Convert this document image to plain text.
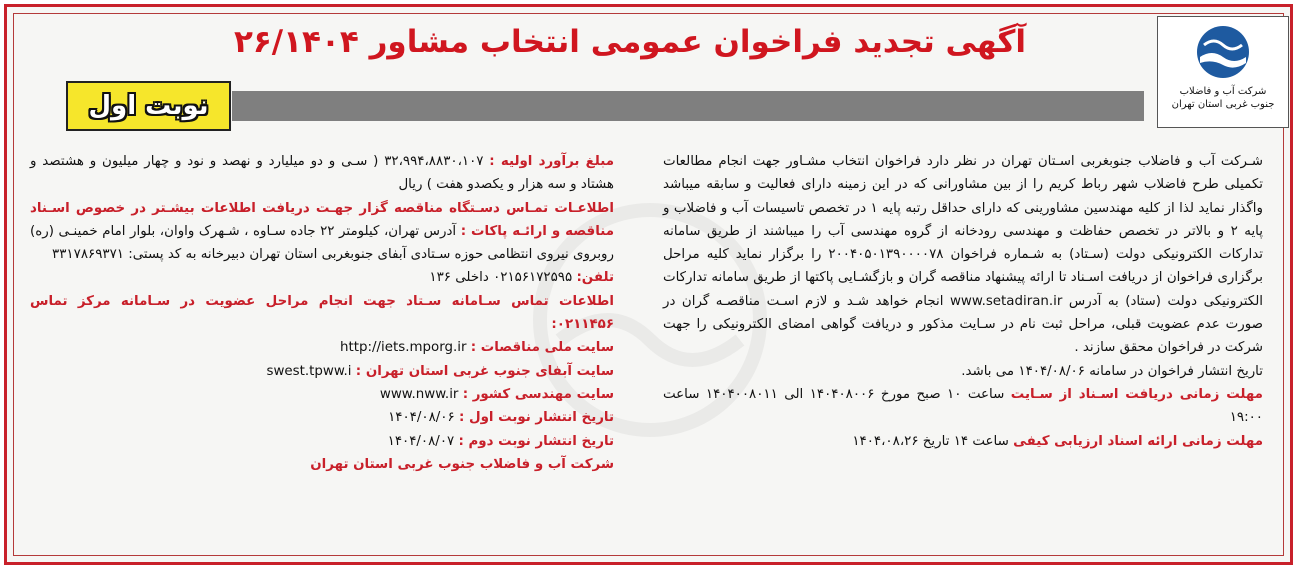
شرکت آب و فاضلاب
جنوب غربی استان تهران
آگهی تجدید فراخوان عمومی انتخاب مشاور ۲۶/۱۴۰۴
نوبت اول

شـرکت آب و فاضلاب جنوبغربی اسـتان تهران در نظر دارد فراخوان انتخاب مشـاور جهت انجام مطالعات تکمیلی طرح فاضلاب شهر رباط کریم را از بین مشاورانی که در این زمینه دارای فعالیت و سابقه میباشد واگذار نماید لذا از کلیه مهندسین مشاورینی که دارای حداقل رتبه پایه ۱ در تخصص تاسیسات آب و فاضلاب و پایه ۲ و بالاتر در تخصص حفاظت و مهندسی رودخانه از گروه مهندسی آب را میباشند از طریق سامانه تدارکات الکترونیکی دولت (سـتاد) به شـماره فراخوان ۲۰۰۴۰۵۰۱۳۹۰۰۰۰۷۸ را برگزار نماید کلیه مراحل برگزاری فراخوان از دریافت اسـناد تا ارائه پیشنهاد مناقصه گران و بازگشـایی پاکتها از طریق سامانه تدارکات الکترونیکی دولت (ستاد) به آدرس www.setadiran.ir انجام خواهد شـد و لازم اسـت مناقصـه گران در صورت عدم عضویت قبلی، مراحل ثبت نام در سـایت مذکور و دریافت گواهی امضای الکترونیکی را جهت شرکت در فراخوان محقق سازند .

تاریخ انتشار فراخوان در سامانه ۱۴۰۴/۰۸/۰۶ می باشد.

مهلت زمانی دریافت اسـناد از سـایت ساعت ۱۰ صبح مورخ ۱۴۰۴۰۸۰۰۶ الی ۱۴۰۴۰۰۸۰۱۱ ساعت ۱۹:۰۰

مهلت زمانی ارائه اسناد ارزیابی کیفی ساعت ۱۴ تاریخ ۱۴۰۴،۰۸،۲۶

مبلغ برآورد اولیه : ۳۲،۹۹۴،۸۸۳۰،۱۰۷ ( سـی و دو میلیارد و نهصد و نود و چهار میلیون و هشتصد و هشتاد و سه هزار و یکصدو هفت ) ریال

اطلاعـات تمـاس دسـتگاه مناقصه گزار جهـت دریافت اطلاعات بیشـتر در خصوص اسـناد مناقصه و ارائـه پاکات : آدرس تهران، کیلومتر ۲۲ جاده سـاوه ، شـهرک واوان، بلوار امام خمینـی (ره) روبروی نیروی انتظامی حوزه سـتادی آبفای جنوبغربی استان تهران دبیرخانه به کد پستی: ۳۳۱۷۸۶۹۳۷۱

تلفن: ۰۲۱۵۶۱۷۲۵۹۵ داخلی ۱۳۶

اطلاعات تماس سـامانه سـتاد جهت انجام مراحل عضویت در سـامانه مرکز تماس ۰۲۱۱۴۵۶:

سایت ملی مناقصات : http://iets.mporg.ir

سایت آبفای جنوب غربی استان تهران : swest.tpww.i

سایت مهندسی کشور : www.nww.ir

تاریخ انتشار نوبت اول : ۱۴۰۴/۰۸/۰۶

تاریخ انتشار نوبت دوم : ۱۴۰۴/۰۸/۰۷

شرکت آب و فاضلاب جنوب غربی استان تهران
